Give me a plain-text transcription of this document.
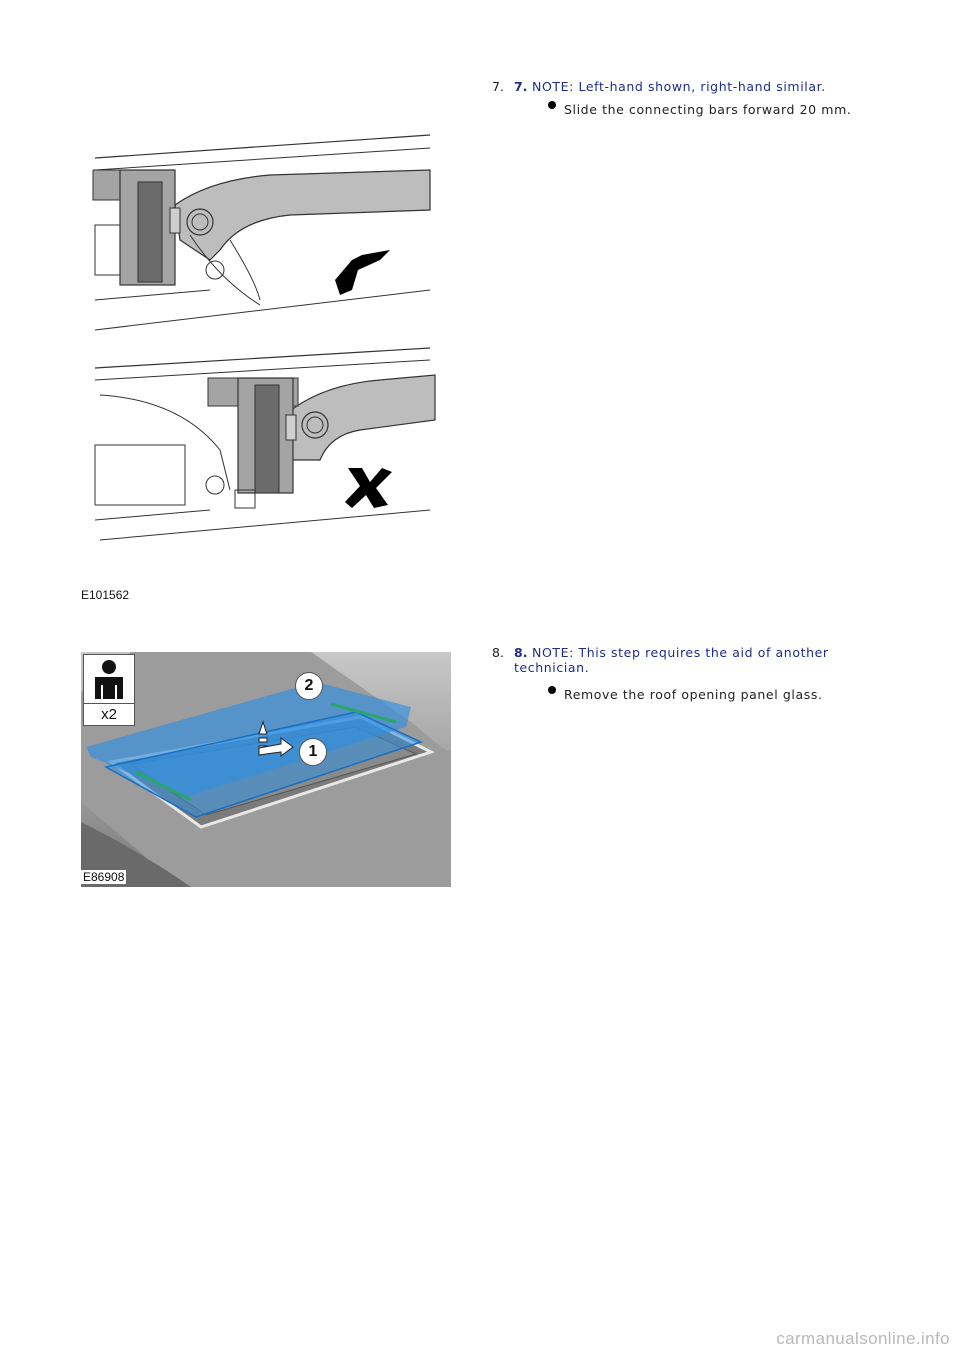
7. 7. NOTE: Left-hand shown, right-hand similar.
Slide the connecting bars forward 20 mm.
E101562
8. 8. NOTE: This step requires the aid of another
technician.
Remove the roof opening panel glass.
2
1
x2
E86908
carmanualsonline.info
